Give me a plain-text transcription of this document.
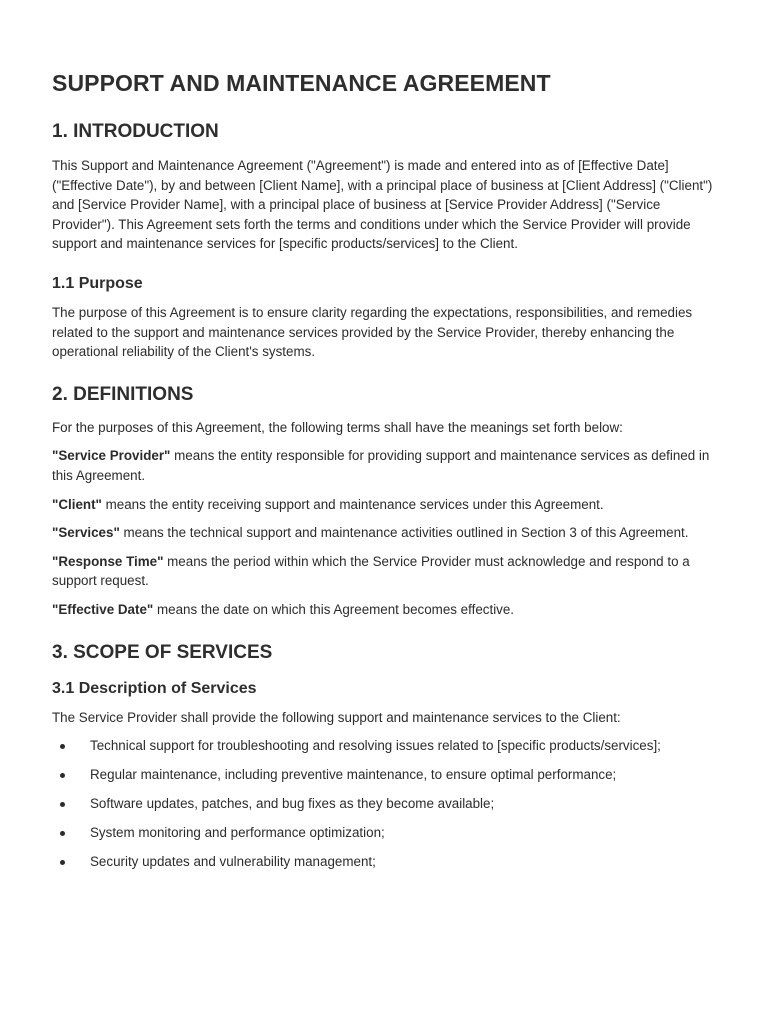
SUPPORT AND MAINTENANCE AGREEMENT
1. INTRODUCTION

This Support and Maintenance Agreement ("Agreement") is made and entered into as of [Effective Date] ("Effective Date"), by and between [Client Name], with a principal place of business at [Client Address] ("Client") and [Service Provider Name], with a principal place of business at [Service Provider Address] ("Service Provider"). This Agreement sets forth the terms and conditions under which the Service Provider will provide support and maintenance services for [specific products/services] to the Client.

1.1 Purpose

The purpose of this Agreement is to ensure clarity regarding the expectations, responsibilities, and remedies related to the support and maintenance services provided by the Service Provider, thereby enhancing the operational reliability of the Client's systems.

2. DEFINITIONS

For the purposes of this Agreement, the following terms shall have the meanings set forth below:

"Service Provider" means the entity responsible for providing support and maintenance services as defined in this Agreement.

"Client" means the entity receiving support and maintenance services under this Agreement.

"Services" means the technical support and maintenance activities outlined in Section 3 of this Agreement.

"Response Time" means the period within which the Service Provider must acknowledge and respond to a support request.

"Effective Date" means the date on which this Agreement becomes effective.

3. SCOPE OF SERVICES
3.1 Description of Services

The Service Provider shall provide the following support and maintenance services to the Client:

Technical support for troubleshooting and resolving issues related to [specific products/services];
Regular maintenance, including preventive maintenance, to ensure optimal performance;
Software updates, patches, and bug fixes as they become available;
System monitoring and performance optimization;
Security updates and vulnerability management;
